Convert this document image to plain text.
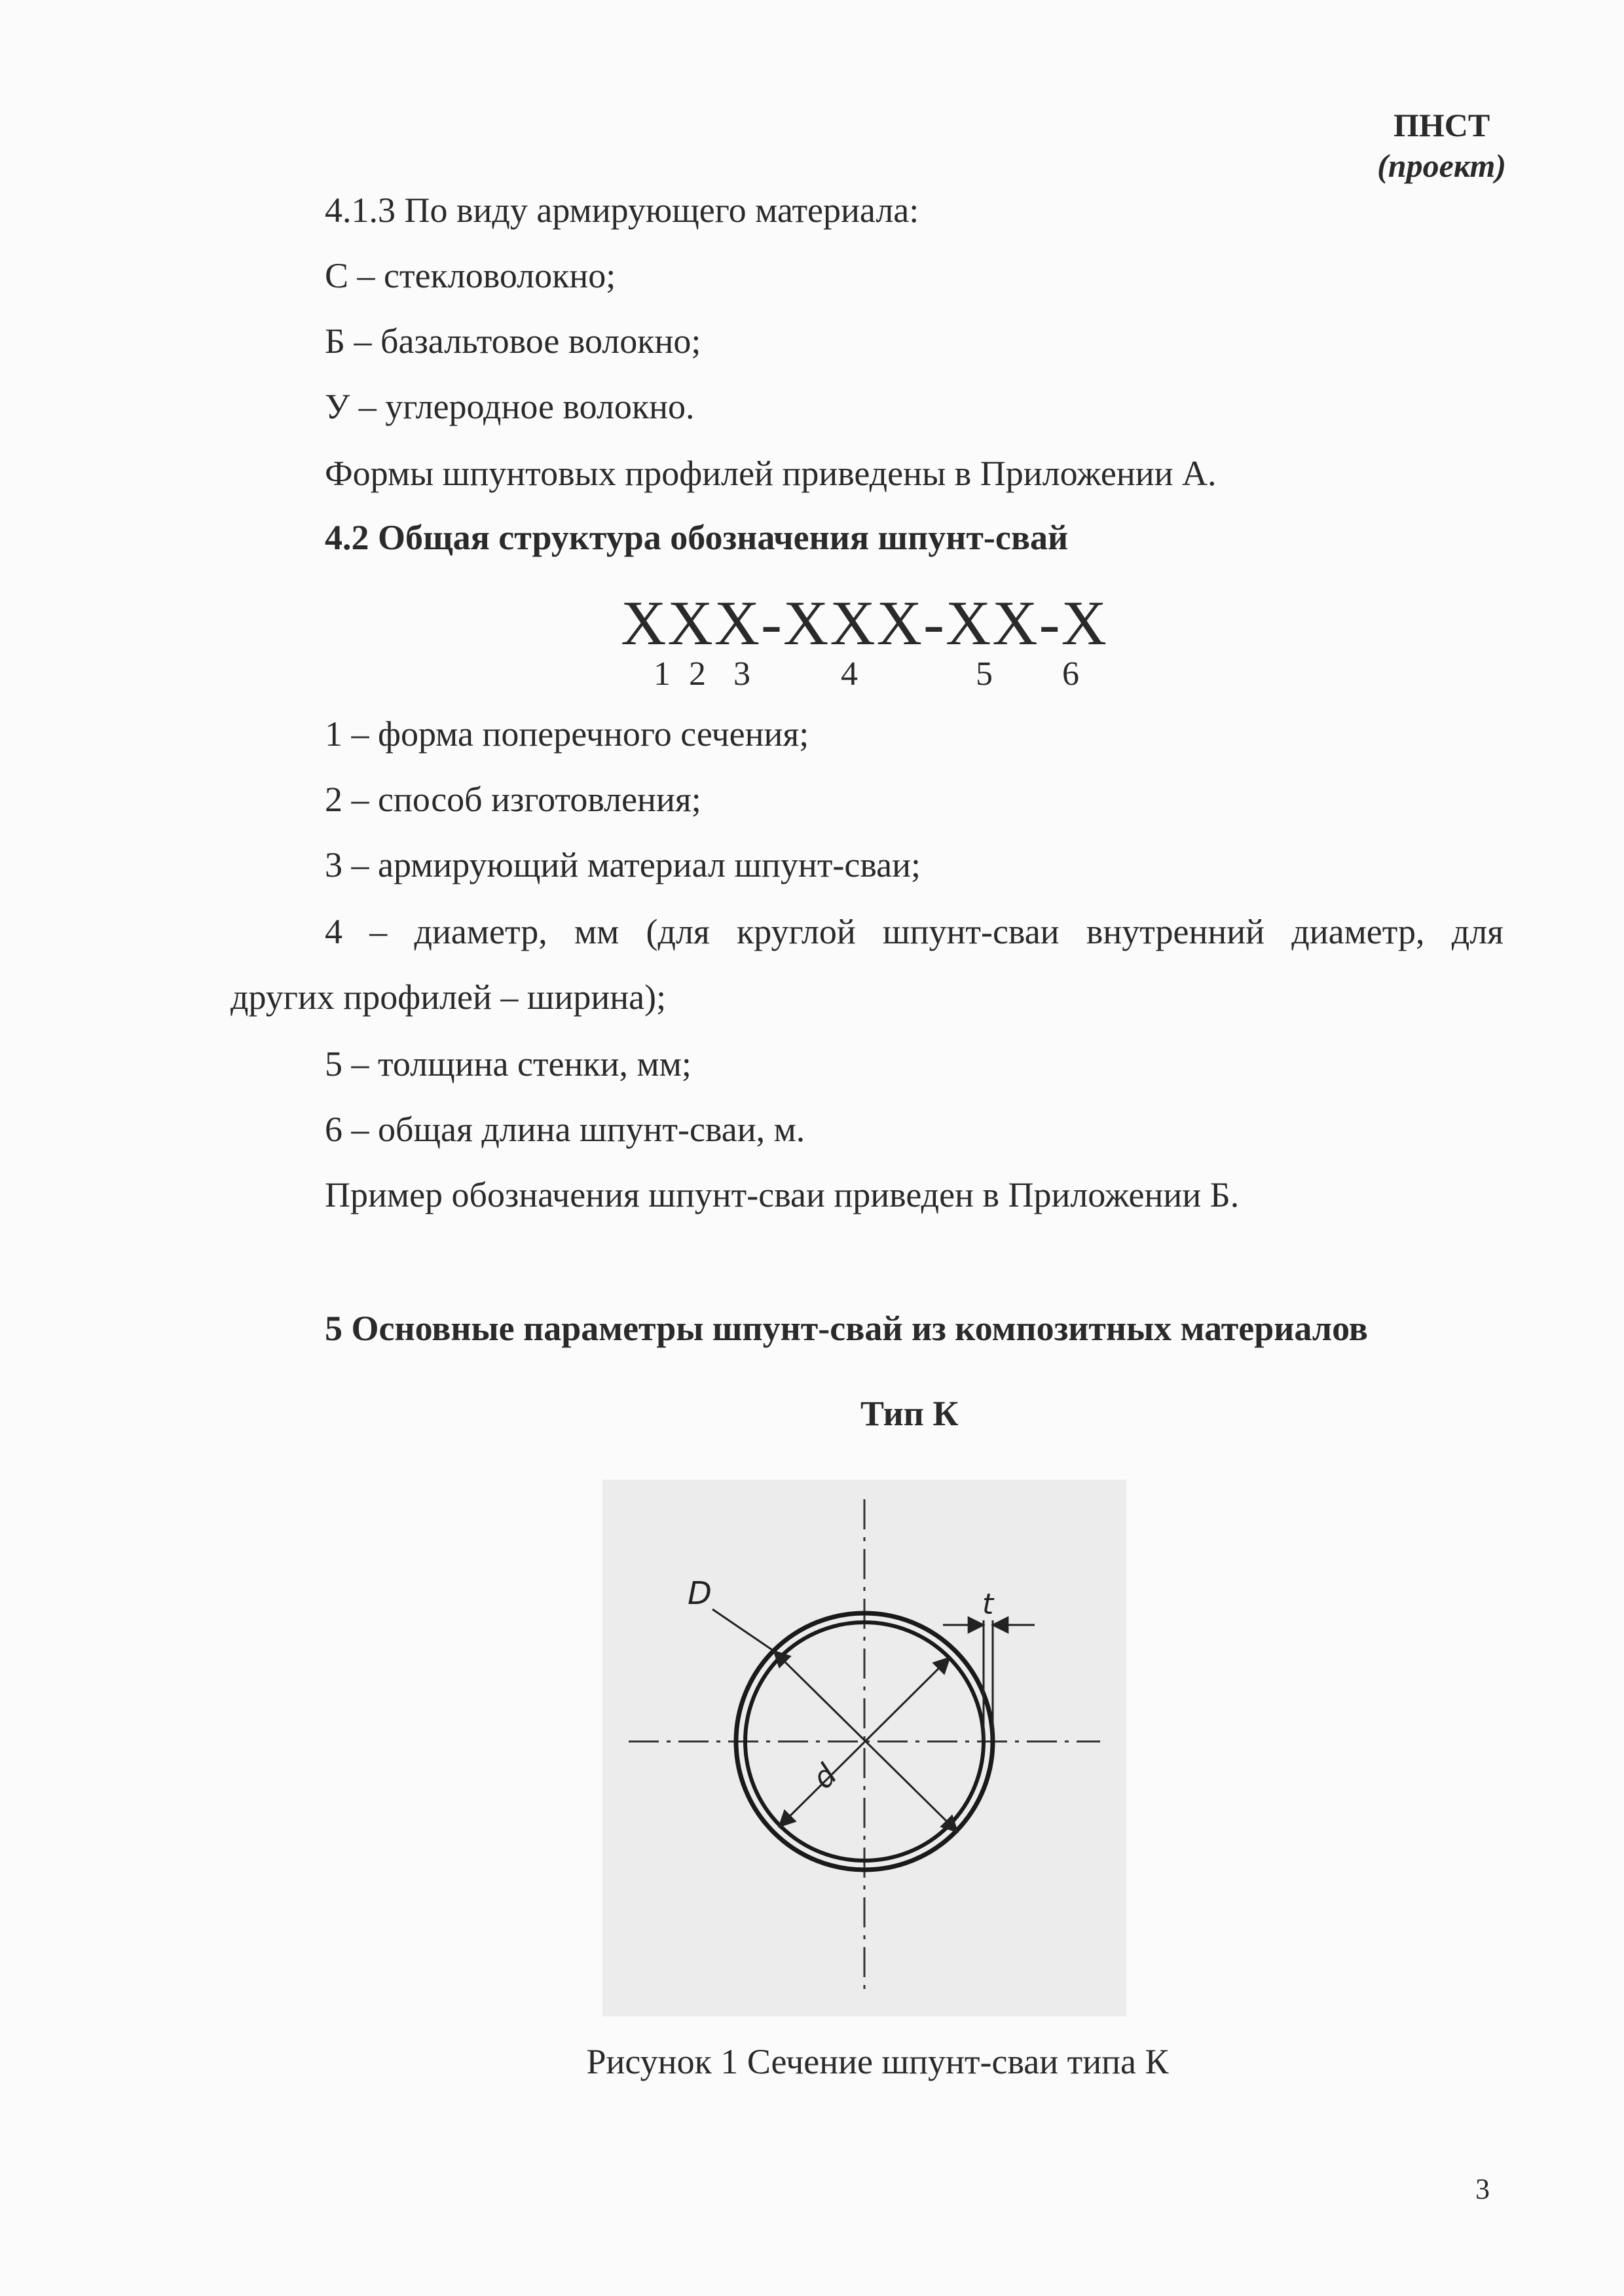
ПНСТ
(проект)
4.1.3 По виду армирующего материала:
С – стекловолокно;
Б – базальтовое волокно;
У – углеродное волокно.
Формы шпунтовых профилей приведены в Приложении А.
4.2 Общая структура обозначения шпунт-свай
XXX-XXX-XX-X
1 2 3	4	5 6
1 – форма поперечного сечения;
2 – способ изготовления;
3 – армирующий материал шпунт-сваи;
4 – диаметр, мм (для круглой шпунт-сваи внутренний диаметр, для
других профилей – ширина);
5 – толщина стенки, мм;
6 – общая длина шпунт-сваи, м.
Пример обозначения шпунт-сваи приведен в Приложении Б.
5 Основные параметры шпунт-свай из композитных материалов
Тип К
D
d
t
Рисунок 1 Сечение шпунт-сваи типа К
3
